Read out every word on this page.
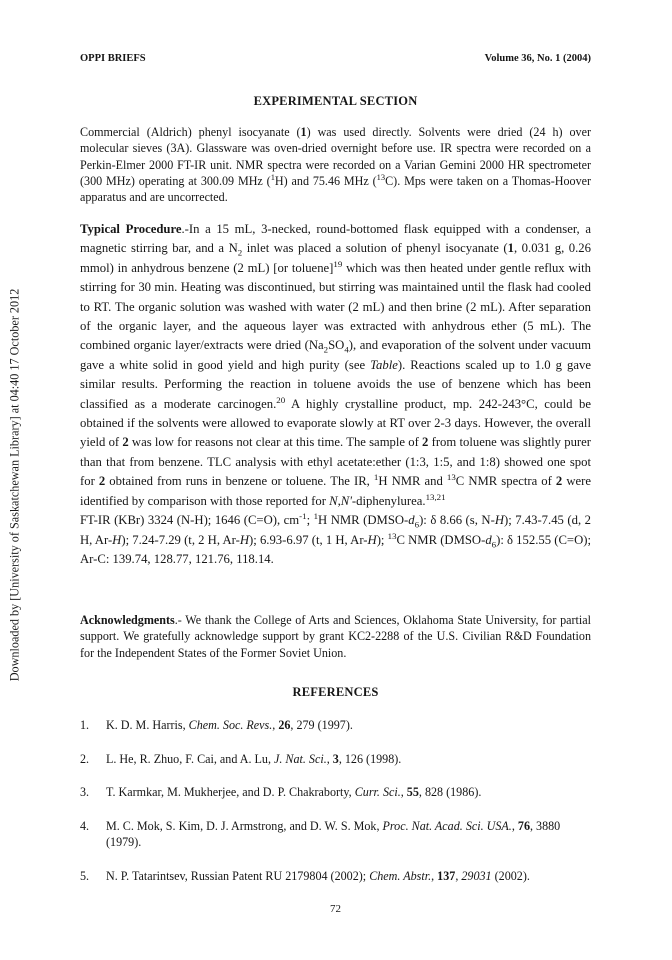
Downloaded by [University of Saskatchewan Library] at 04:40 17 October 2012
OPPI BRIEFS	Volume 36, No. 1 (2004)
EXPERIMENTAL SECTION
Commercial (Aldrich) phenyl isocyanate (1) was used directly. Solvents were dried (24 h) over molecular sieves (3A). Glassware was oven-dried overnight before use. IR spectra were recorded on a Perkin-Elmer 2000 FT-IR unit. NMR spectra were recorded on a Varian Gemini 2000 HR spectrometer (300 MHz) operating at 300.09 MHz ($^1$H) and 75.46 MHz ($^{13}$C). Mps were taken on a Thomas-Hoover apparatus and are uncorrected.
Typical Procedure.-In a 15 mL, 3-necked, round-bottomed flask equipped with a condenser, a magnetic stirring bar, and a $N_2$ inlet was placed a solution of phenyl isocyanate (1, 0.031 g, 0.26 mmol) in anhydrous benzene (2 mL) [or toluene]$^{19}$ which was then heated under gentle reflux with stirring for 30 min. Heating was discontinued, but stirring was maintained until the flask had cooled to RT. The organic solution was washed with water (2 mL) and then brine (2 mL). After separation of the organic layer, and the aqueous layer was extracted with anhydrous ether (5 mL). The combined organic layer/extracts were dried $(Na_2SO_4)$, and evaporation of the solvent under vacuum gave a white solid in good yield and high purity (see Table). Reactions scaled up to 1.0 g gave similar results. Performing the reaction in toluene avoids the use of benzene which has been classified as a moderate carcinogen.$^{20}$ A highly crystalline product, mp. 242-243°C, could be obtained if the solvents were allowed to evaporate slowly at RT over 2-3 days. However, the overall yield of 2 was low for reasons not clear at this time. The sample of 2 from toluene was slightly purer than that from benzene. TLC analysis with ethyl acetate:ether (1:3, 1:5, and 1:8) showed one spot for 2 obtained from runs in benzene or toluene. The IR, $^1$H NMR and $^{13}$C NMR spectra of 2 were identified by comparison with those reported for N,N'-diphenylurea.$^{13,21}$
FT-IR (KBr) 3324 (N-H); 1646 (C=O), $cm^{-1}$; $^1$H NMR $(DMSO-d_6)$: δ 8.66 (s, N-H); 7.43-7.45 (d, 2 H, Ar-H); 7.24-7.29 (t, 2 H, Ar-H); 6.93-6.97 (t, 1 H, Ar-H); $^{13}$C NMR $(DMSO-d_6)$: δ 152.55 (C=O); Ar-C: 139.74, 128.77, 121.76, 118.14.
Acknowledgments.- We thank the College of Arts and Sciences, Oklahoma State University, for partial support. We gratefully acknowledge support by grant KC2-2288 of the U.S. Civilian R&D Foundation for the Independent States of the Former Soviet Union.
REFERENCES
1. K. D. M. Harris, Chem. Soc. Revs., 26, 279 (1997).
2. L. He, R. Zhuo, F. Cai, and A. Lu, J. Nat. Sci., 3, 126 (1998).
3. T. Karmkar, M. Mukherjee, and D. P. Chakraborty, Curr. Sci., 55, 828 (1986).
4. M. C. Mok, S. Kim, D. J. Armstrong, and D. W. S. Mok, Proc. Nat. Acad. Sci. USA., 76, 3880 (1979).
5. N. P. Tatarintsev, Russian Patent RU 2179804 (2002); Chem. Abstr., 137, 29031 (2002).
72
